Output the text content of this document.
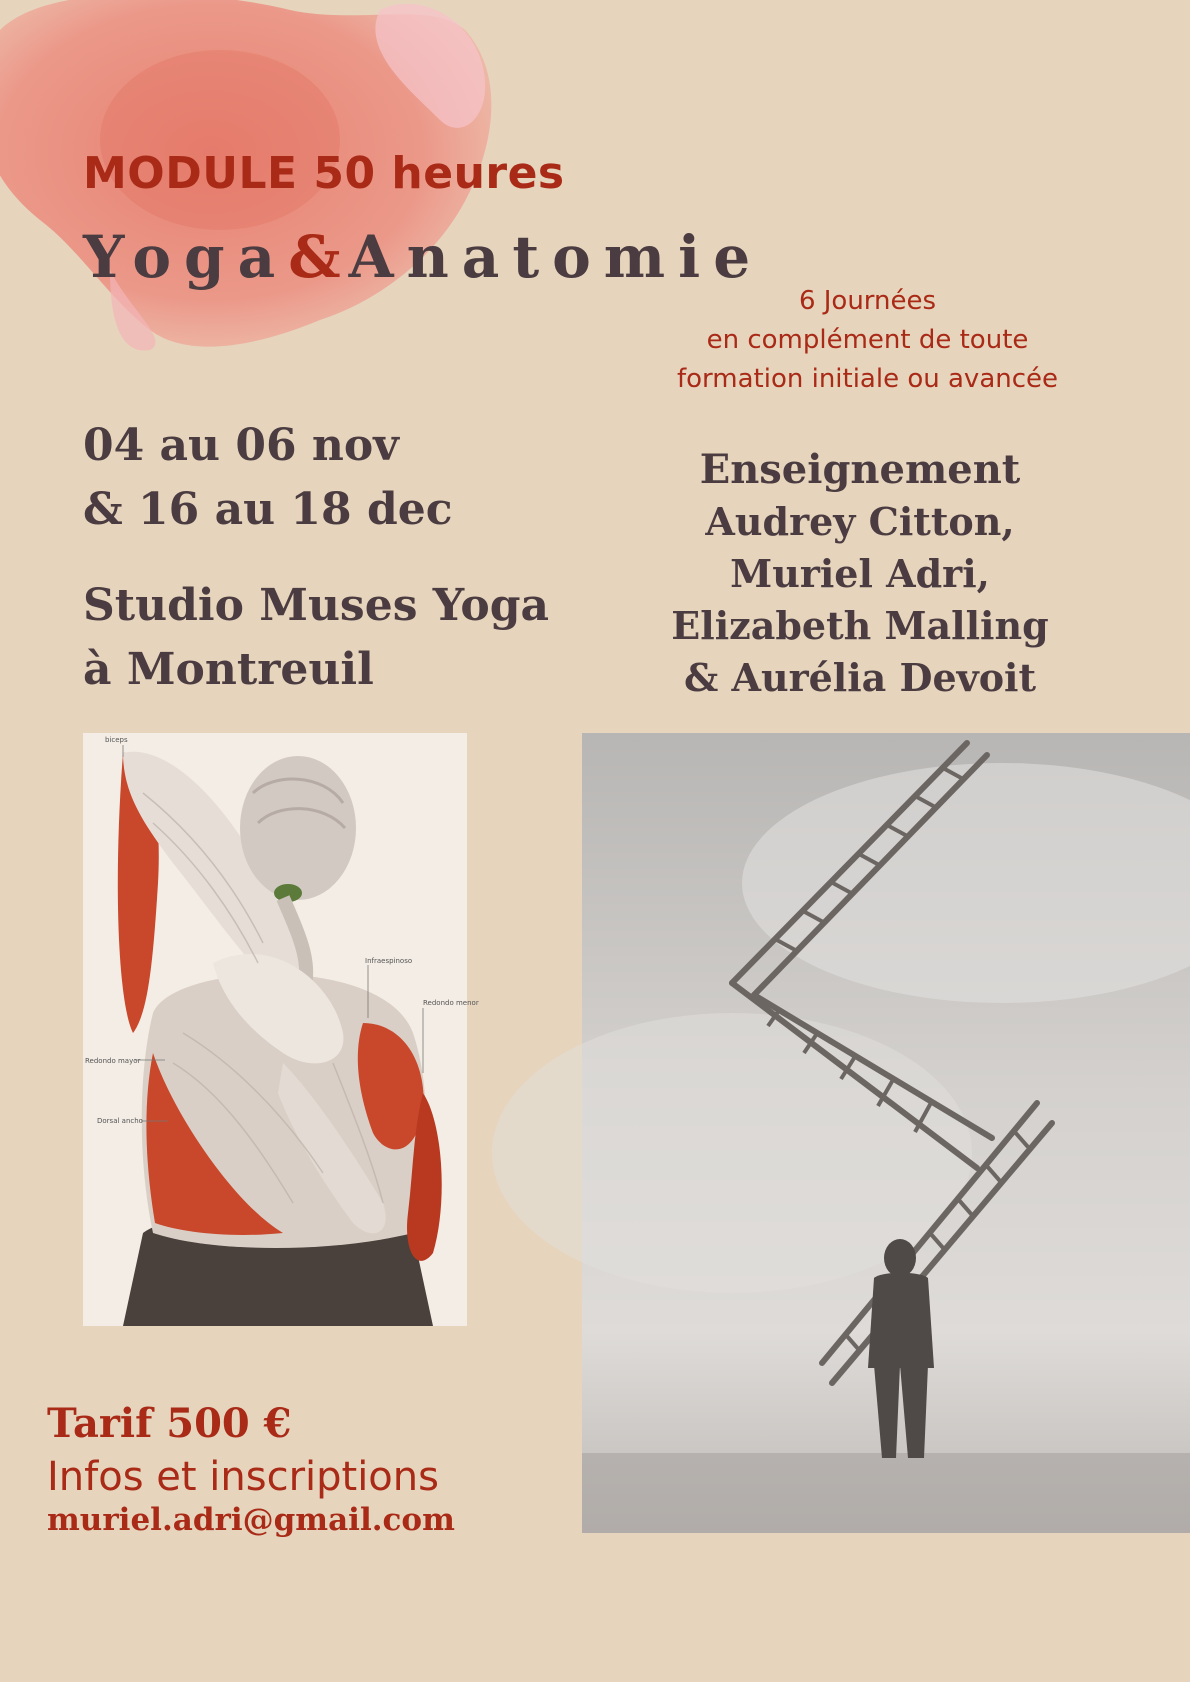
MODULE 50 heures
Yoga&Anatomie
6 Journées
en complément de toute
formation initiale ou avancée
04 au 06 nov
& 16 au 18 dec
Studio Muses Yoga
à Montreuil
Enseignement
Audrey Citton,
Muriel Adri,
Elizabeth Malling
& Aurélia Devoit
biceps
Infraespinoso
Redondo menor
Redondo mayor
Dorsal ancho
Tarif 500 €
Infos et inscriptions
muriel.adri@gmail.com
